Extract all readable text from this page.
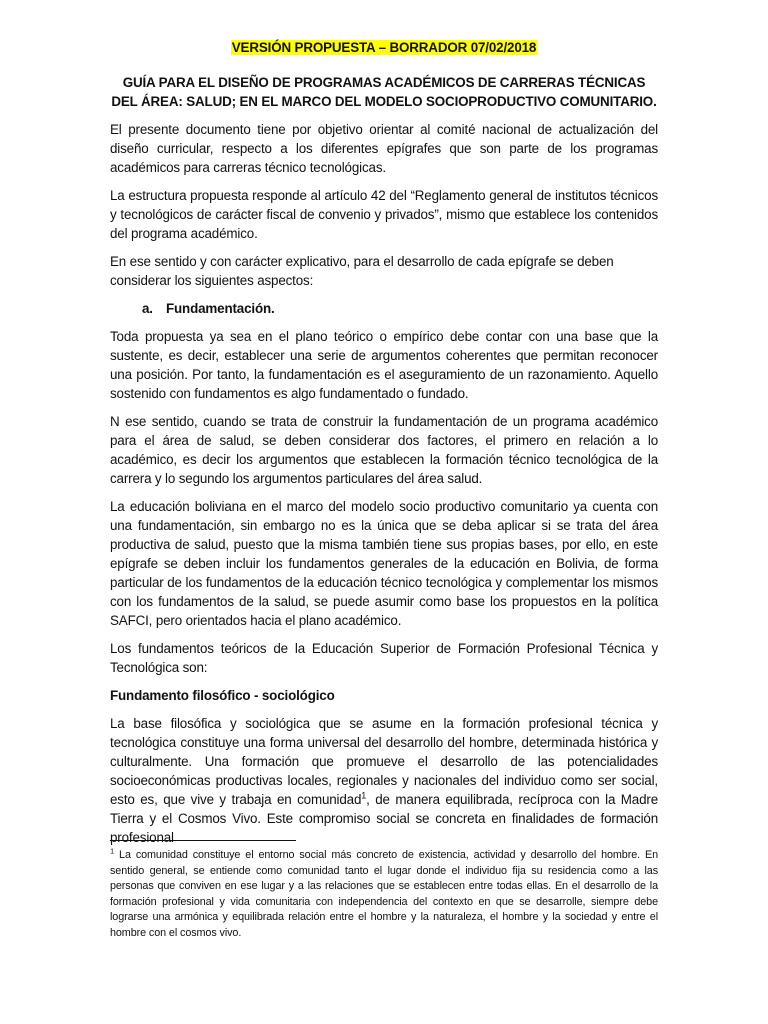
VERSIÓN PROPUESTA – BORRADOR 07/02/2018
GUÍA PARA EL DISEÑO DE PROGRAMAS ACADÉMICOS DE CARRERAS TÉCNICAS DEL ÁREA: SALUD; EN EL MARCO DEL MODELO SOCIOPRODUCTIVO COMUNITARIO.

El presente documento tiene por objetivo orientar al comité nacional de actualización del diseño curricular, respecto a los diferentes epígrafes que son parte de los programas académicos para carreras técnico tecnológicas.

La estructura propuesta responde al artículo 42 del “Reglamento general de institutos técnicos y tecnológicos de carácter fiscal de convenio y privados”, mismo que establece los contenidos del programa académico.

En ese sentido y con carácter explicativo, para el desarrollo de cada epígrafe se deben considerar los siguientes aspectos:

a. Fundamentación.

Toda propuesta ya sea en el plano teórico o empírico debe contar con una base que la sustente, es decir, establecer una serie de argumentos coherentes que permitan reconocer una posición. Por tanto, la fundamentación es el aseguramiento de un razonamiento. Aquello sostenido con fundamentos es algo fundamentado o fundado.

N ese sentido, cuando se trata de construir la fundamentación de un programa académico para el área de salud, se deben considerar dos factores, el primero en relación a lo académico, es decir los argumentos que establecen la formación técnico tecnológica de la carrera y lo segundo los argumentos particulares del área salud.

La educación boliviana en el marco del modelo socio productivo comunitario ya cuenta con una fundamentación, sin embargo no es la única que se deba aplicar si se trata del área productiva de salud, puesto que la misma también tiene sus propias bases, por ello, en este epígrafe se deben incluir los fundamentos generales de la educación en Bolivia, de forma particular de los fundamentos de la educación técnico tecnológica y complementar los mismos con los fundamentos de la salud, se puede asumir como base los propuestos en la política SAFCI, pero orientados hacia el plano académico.

Los fundamentos teóricos de la Educación Superior de Formación Profesional Técnica y Tecnológica son:

Fundamento filosófico - sociológico

La base filosófica y sociológica que se asume en la formación profesional técnica y tecnológica constituye una forma universal del desarrollo del hombre, determinada histórica y culturalmente. Una formación que promueve el desarrollo de las potencialidades socioeconómicas productivas locales, regionales y nacionales del individuo como ser social, esto es, que vive y trabaja en comunidad$^1$, de manera equilibrada, recíproca con la Madre Tierra y el Cosmos Vivo. Este compromiso social se concreta en finalidades de formación profesional

$^1$ La comunidad constituye el entorno social más concreto de existencia, actividad y desarrollo del hombre. En sentido general, se entiende como comunidad tanto el lugar donde el individuo fija su residencia como a las personas que conviven en ese lugar y a las relaciones que se establecen entre todas ellas. En el desarrollo de la formación profesional y vida comunitaria con independencia del contexto en que se desarrolle, siempre debe lograrse una armónica y equilibrada relación entre el hombre y la naturaleza, el hombre y la sociedad y entre el hombre con el cosmos vivo.
